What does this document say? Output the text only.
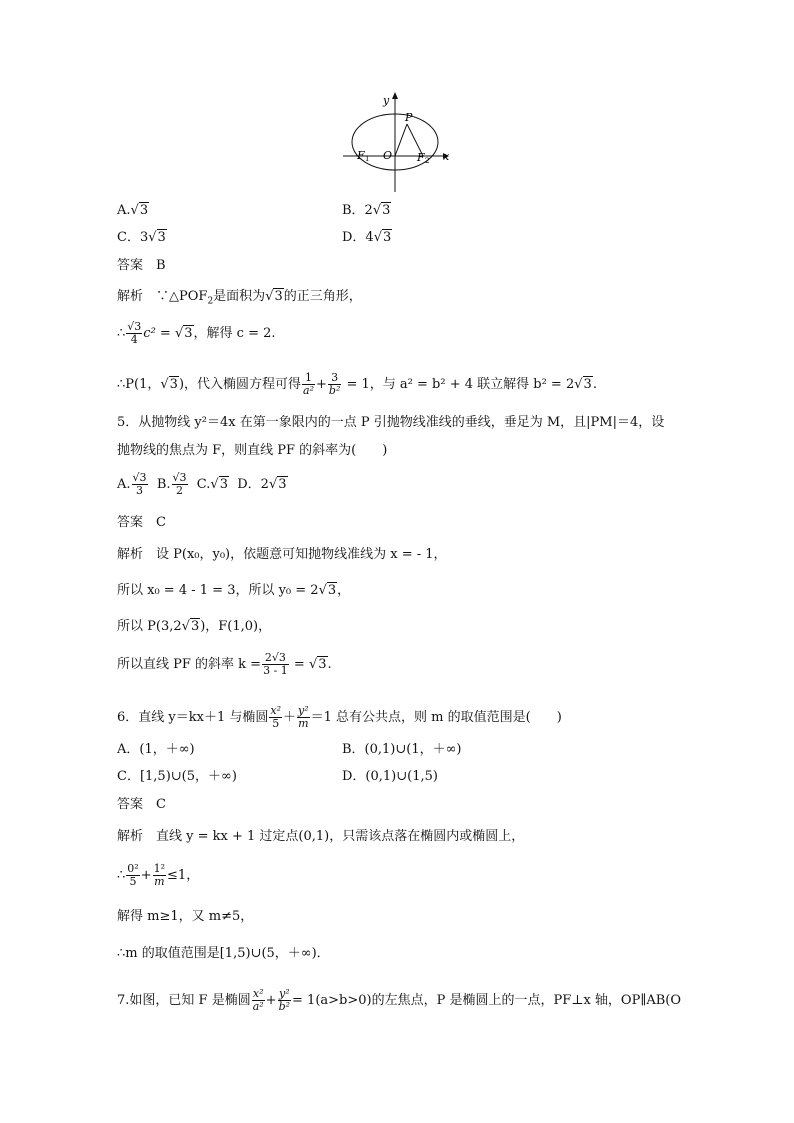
y
x
P
O
F 1	F 2
A.√3	B．2√3
C．3√3	D．4√3
答案　B
解析　$\because\triangle POF_2$是面积为√3的正三角形，
∴ $\frac{√3}{4} c^2 = √3$，解得 c = 2.
∴P(1，√3)，代入椭圆方程可得 $\frac{1}{\text{a²}} + \frac{3}{\text{b²}} = 1$，与 a² = b² + 4 联立解得 b² = 2√3.
5．从抛物线 y²＝4x 在第一象限内的一点 P 引抛物线准线的垂线，垂足为 M，且|PM|＝4，设
抛物线的焦点为 F，则直线 PF 的斜率为(　　)
A. $\frac{√3}{3} B$. $\frac{√3}{2} C.√3$ D．2√3
答案　C
解析　设 P(x₀，y₀)，依题意可知抛物线准线为 x = - 1，
所以 x₀ = 4 - 1 = 3，所以 y₀ = 2√3，
所以 P(3,2√3)，F(1,0)，
所以直线 PF 的斜率 $k = \frac{2√3}{3 - 1} = √3$.
6．直线 y＝kx＋1 与椭圆 $\frac{\text{x²}}{5} + \frac{\text{y²}}{m} =1$ 总有公共点，则 m 的取值范围是(　　)
A．(1，＋∞)	B．(0,1)∪(1，＋∞)
C．[1,5)∪(5，＋∞)	D．(0,1)∪(1,5)
答案　C
解析　直线 y = kx + 1 过定点(0,1)，只需该点落在椭圆内或椭圆上，
∴ $\frac{\text{0²}}{5} + \frac{\text{1²}}{m} \le 1$，
解得 m≥1，又 m≠5，
∴m 的取值范围是[1,5)∪(5，＋∞)．
7.如图，已知 F 是椭圆 $\frac{\text{x²}}{\text{a²}} + \frac{\text{y²}}{\text{b²}} = 1(a>b>0)$的左焦点，P 是椭圆上的一点，PF⊥x 轴，OP∥AB(O
